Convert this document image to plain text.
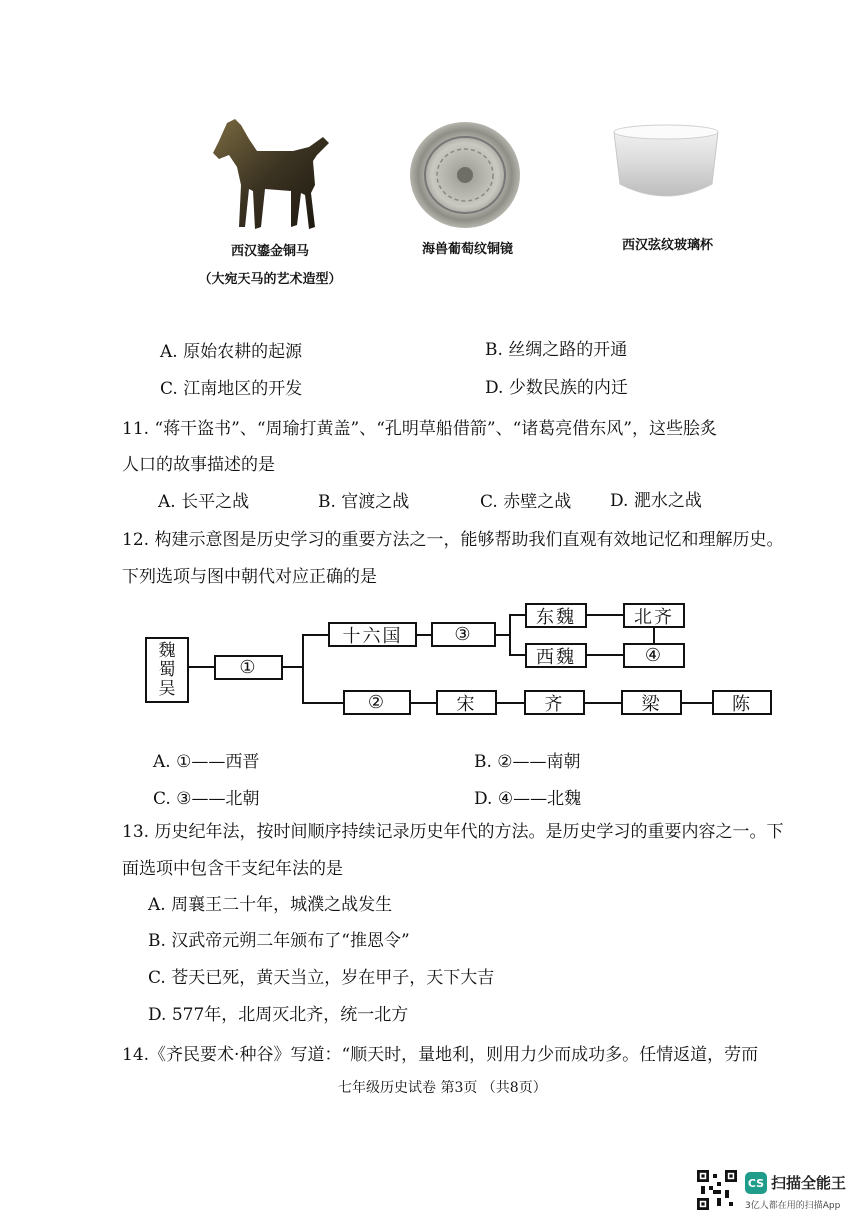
西汉鎏金铜马
（大宛天马的艺术造型）
海兽葡萄纹铜镜	西汉弦纹玻璃杯
A. 原始农耕的起源	B. 丝绸之路的开通
C. 江南地区的开发	D. 少数民族的内迁
11. “蒋干盗书”、“周瑜打黄盖”、“孔明草船借箭”、“诸葛亮借东风”，这些脍炙
人口的故事描述的是
A. 长平之战	B. 官渡之战	C. 赤壁之战 D. 淝水之战
12. 构建示意图是历史学习的重要方法之一，能够帮助我们直观有效地记忆和理解历史。
下列选项与图中朝代对应正确的是
魏
蜀
吴
①
十六国	③
东魏	北齐
西魏	④
②	宋	齐	梁	陈
A. ①——西晋	B. ②——南朝
C. ③——北朝	D. ④——北魏
13. 历史纪年法，按时间顺序持续记录历史年代的方法。是历史学习的重要内容之一。下
面选项中包含干支纪年法的是
A. 周襄王二十年，城濮之战发生
B. 汉武帝元朔二年颁布了“推恩令”
C. 苍天已死，黄天当立，岁在甲子，天下大吉
D. 577年，北周灭北齐，统一北方
14.《齐民要术·种谷》写道：“顺天时，量地利，则用力少而成功多。任情返道，劳而
七年级历史试卷 第3页 （共8页）
CS 扫描全能王
3亿人都在用的扫描App
